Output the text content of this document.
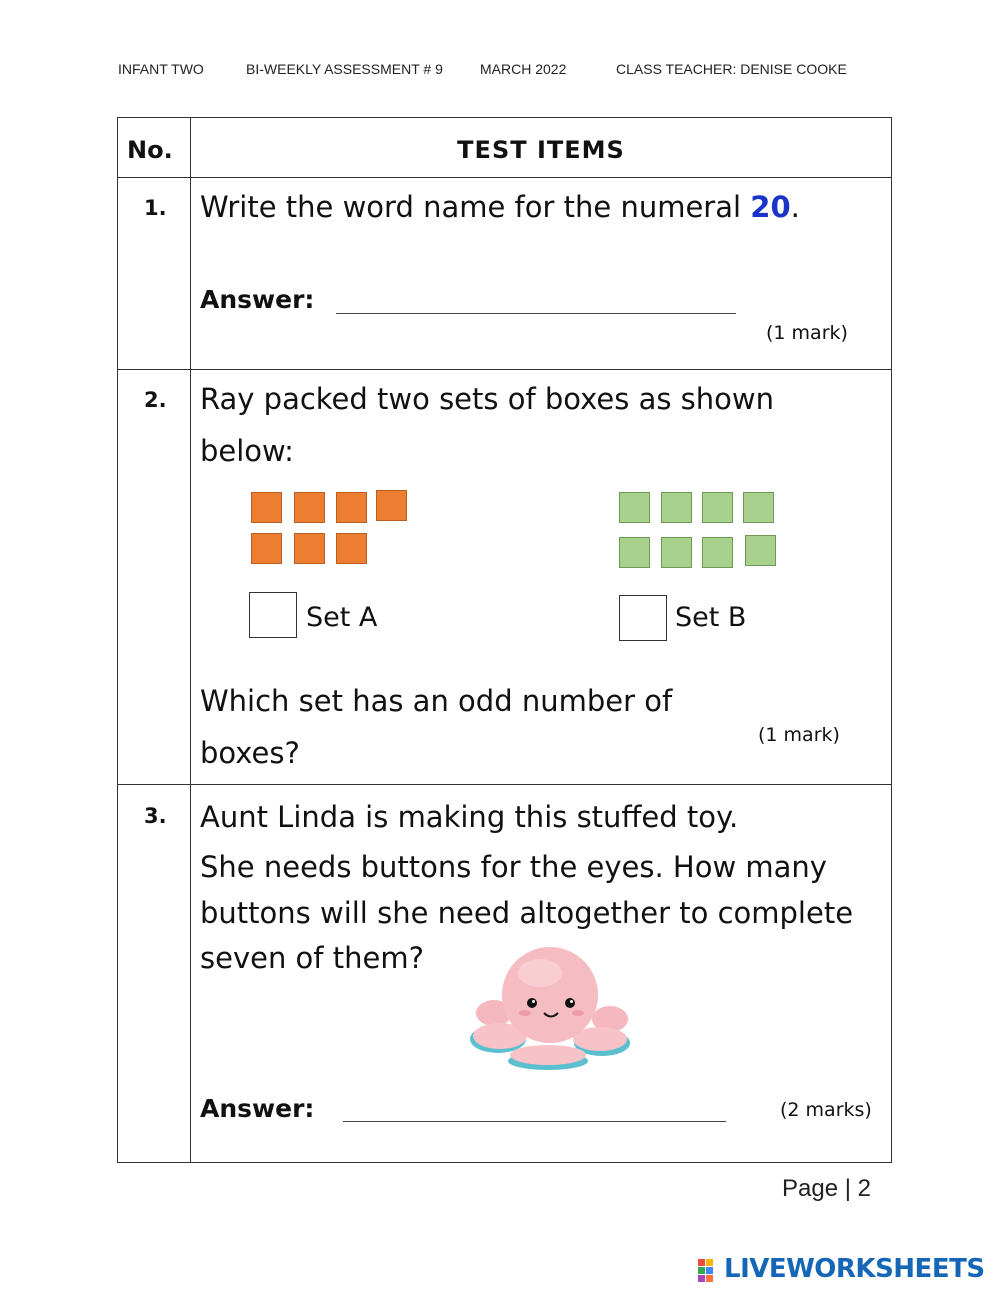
INFANT TWO	BI-WEEKLY ASSESSMENT # 9	MARCH 2022	CLASS TEACHER: DENISE COOKE
No.	TEST ITEMS
1. Write the word name for the numeral 20.
Answer:
(1 mark)
2. Ray packed two sets of boxes as shown
below:
Set A	Set B
Which set has an odd number of
boxes?
(1 mark)
3. Aunt Linda is making this stuffed toy.
She needs buttons for the eyes. How many
buttons will she need altogether to complete
seven of them?
Answer:	(2 marks)
Page | 2
LIVEWORKSHEETS
